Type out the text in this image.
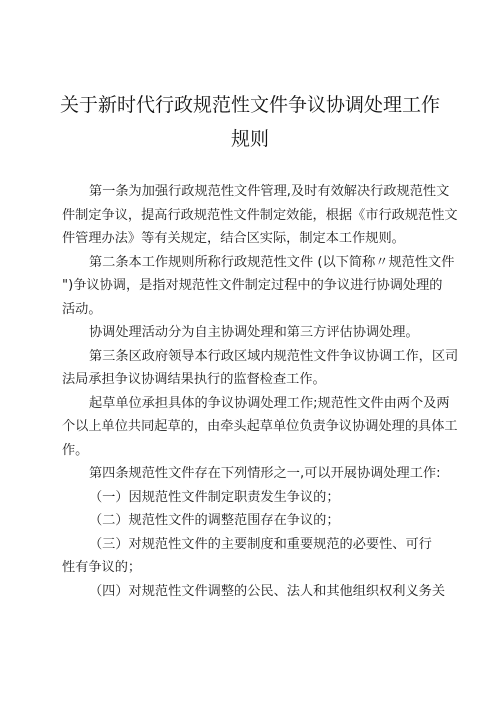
关于新时代行政规范性文件争议协调处理工作
规则
第一条为加强行政规范性文件管理,及时有效解决行政规范性文
件制定争议，提高行政规范性文件制定效能，根据《市行政规范性文
件管理办法》等有关规定，结合区实际，制定本工作规则。
第二条本工作规则所称行政规范性文件 (以下简称〃规范性文件
")争议协调，是指对规范性文件制定过程中的争议进行协调处理的
活动。
协调处理活动分为自主协调处理和第三方评估协调处理。
第三条区政府领导本行政区域内规范性文件争议协调工作，区司
法局承担争议协调结果执行的监督检查工作。
起草单位承担具体的争议协调处理工作;规范性文件由两个及两
个以上单位共同起草的，由牵头起草单位负责争议协调处理的具体工
作。
第四条规范性文件存在下列情形之一,可以开展协调处理工作:
（一）因规范性文件制定职责发生争议的；
（二）规范性文件的调整范围存在争议的；
（三）对规范性文件的主要制度和重要规范的必要性、可行
性有争议的；
（四）对规范性文件调整的公民、法人和其他组织权利义务关
